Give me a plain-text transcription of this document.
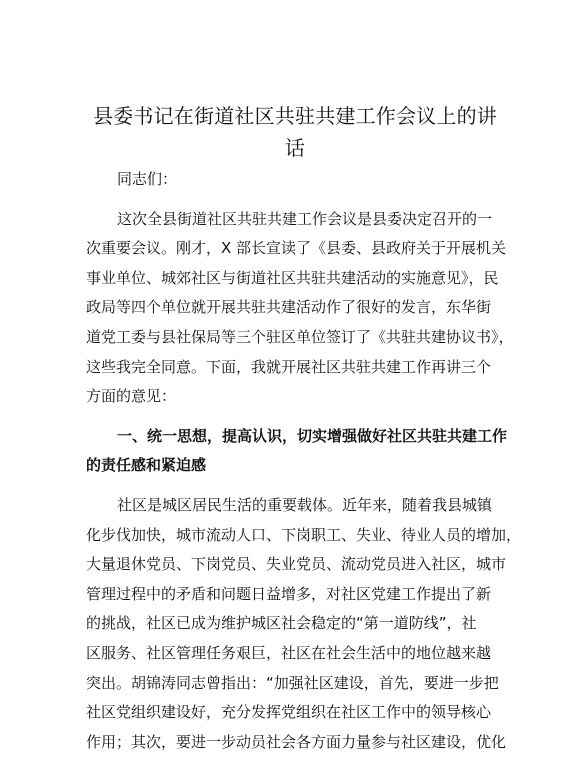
县委书记在街道社区共驻共建工作会议上的讲
话

同志们：

这次全县街道社区共驻共建工作会议是县委决定召开的一
次重要会议。刚才，X 部长宣读了《县委、县政府关于开展机关
事业单位、城郊社区与街道社区共驻共建活动的实施意见》，民
政局等四个单位就开展共驻共建活动作了很好的发言，东华街
道党工委与县社保局等三个驻区单位签订了《共驻共建协议书》，
这些我完全同意。下面，我就开展社区共驻共建工作再讲三个
方面的意见：

一、统一思想，提高认识，切实增强做好社区共驻共建工作
的责任感和紧迫感

社区是城区居民生活的重要载体。近年来，随着我县城镇
化步伐加快，城市流动人口、下岗职工、失业、待业人员的增加，
大量退休党员、下岗党员、失业党员、流动党员进入社区，城市
管理过程中的矛盾和问题日益增多，对社区党建工作提出了新
的挑战，社区已成为维护城区社会稳定的“第一道防线”，社
区服务、社区管理任务艰巨，社区在社会生活中的地位越来越
突出。胡锦涛同志曾指出：“加强社区建设，首先，要进一步把
社区党组织建设好，充分发挥党组织在社区工作中的领导核心
作用；其次，要进一步动员社会各方面力量参与社区建设，优化
